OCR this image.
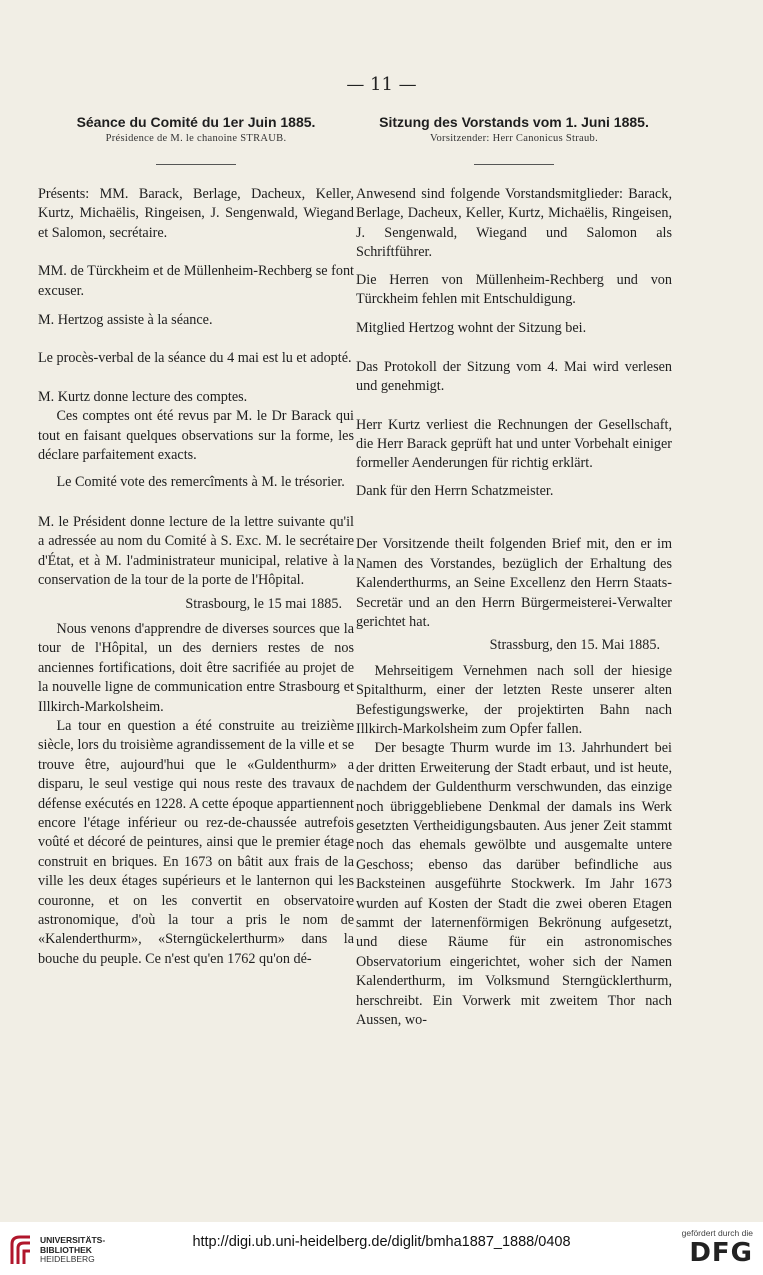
— 11 —
Séance du Comité du 1er Juin 1885.
Présidence de M. le chanoine STRAUB.

Présents: MM. Barack, Berlage, Dacheux, Keller, Kurtz, Michaëlis, Ringeisen, J. Sengenwald, Wiegand et Salomon, secrétaire.

MM. de Türckheim et de Müllenheim-Rechberg se font excuser.

M. Hertzog assiste à la séance.

Le procès-verbal de la séance du 4 mai est lu et adopté.

M. Kurtz donne lecture des comptes.

Ces comptes ont été revus par M. le Dr Barack qui tout en faisant quelques observations sur la forme, les déclare parfaitement exacts.

Le Comité vote des remercîments à M. le trésorier.

M. le Président donne lecture de la lettre suivante qu'il a adressée au nom du Comité à S. Exc. M. le secrétaire d'État, et à M. l'administrateur municipal, relative à la conservation de la tour de la porte de l'Hôpital.

Strasbourg, le 15 mai 1885.

Nous venons d'apprendre de diverses sources que la tour de l'Hôpital, un des derniers restes de nos anciennes fortifications, doit être sacrifiée au projet de la nouvelle ligne de communication entre Strasbourg et Illkirch-Markolsheim.

La tour en question a été construite au treizième siècle, lors du troisième agrandissement de la ville et se trouve être, aujourd'hui que le «Guldenthurm» a disparu, le seul vestige qui nous reste des travaux de défense exécutés en 1228. A cette époque appartiennent encore l'étage inférieur ou rez-de-chaussée autrefois voûté et décoré de peintures, ainsi que le premier étage construit en briques. En 1673 on bâtit aux frais de la ville les deux étages supérieurs et le lanternon qui les couronne, et on les convertit en observatoire astronomique, d'où la tour a pris le nom de «Kalenderthurm», «Sterngückelerthurm» dans la bouche du peuple. Ce n'est qu'en 1762 qu'on dé-

Sitzung des Vorstands vom 1. Juni 1885.
Vorsitzender: Herr Canonicus Straub.

Anwesend sind folgende Vorstandsmitglieder: Barack, Berlage, Dacheux, Keller, Kurtz, Michaëlis, Ringeisen, J. Sengenwald, Wiegand und Salomon als Schriftführer.

Die Herren von Müllenheim-Rechberg und von Türckheim fehlen mit Entschuldigung.

Mitglied Hertzog wohnt der Sitzung bei.

Das Protokoll der Sitzung vom 4. Mai wird verlesen und genehmigt.

Herr Kurtz verliest die Rechnungen der Gesellschaft, die Herr Barack geprüft hat und unter Vorbehalt einiger formeller Aenderungen für richtig erklärt.

Dank für den Herrn Schatzmeister.

Der Vorsitzende theilt folgenden Brief mit, den er im Namen des Vorstandes, bezüglich der Erhaltung des Kalenderthurms, an Seine Excellenz den Herrn Staats-Secretär und an den Herrn Bürgermeisterei-Verwalter gerichtet hat.

Strassburg, den 15. Mai 1885.

Mehrseitigem Vernehmen nach soll der hiesige Spitalthurm, einer der letzten Reste unserer alten Befestigungswerke, der projektirten Bahn nach Illkirch-Markolsheim zum Opfer fallen.

Der besagte Thurm wurde im 13. Jahrhundert bei der dritten Erweiterung der Stadt erbaut, und ist heute, nachdem der Guldenthurm verschwunden, das einzige noch übriggebliebene Denkmal der damals ins Werk gesetzten Vertheidigungsbauten. Aus jener Zeit stammt noch das ehemals gewölbte und ausgemalte untere Geschoss; ebenso das darüber befindliche aus Backsteinen ausgeführte Stockwerk. Im Jahr 1673 wurden auf Kosten der Stadt die zwei oberen Etagen sammt der laternenförmigen Bekrönung aufgesetzt, und diese Räume für ein astronomisches Observatorium eingerichtet, woher sich der Namen Kalenderthurm, im Volksmund Sterngücklerthurm, herschreibt. Ein Vorwerk mit zweitem Thor nach Aussen, wo-

UNIVERSITÄTS-
BIBLIOTHEK
HEIDELBERG
http://digi.ub.uni-heidelberg.de/diglit/bmha1887_1888/0408
gefördert durch die
DFG
